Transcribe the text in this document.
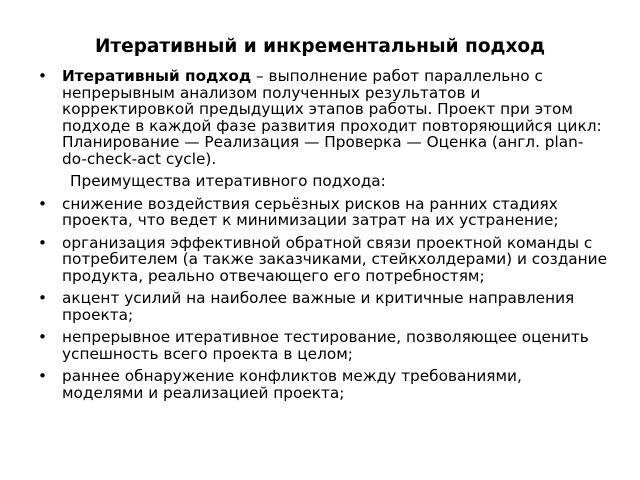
Итеративный и инкрементальный подход
• Итеративный подход – выполнение работ параллельно с непрерывным анализом полученных результатов и корректировкой предыдущих этапов работы. Проект при этом подходе в каждой фазе развития проходит повторяющийся цикл: Планирование — Реализация — Проверка — Оценка (англ. plan-do-check-act cycle).
Преимущества итеративного подхода:
• снижение воздействия серьёзных рисков на ранних стадиях проекта, что ведет к минимизации затрат на их устранение;
• организация эффективной обратной связи проектной команды с потребителем (а также заказчиками, стейкхолдерами) и создание продукта, реально отвечающего его потребностям;
• акцент усилий на наиболее важные и критичные направления проекта;
• непрерывное итеративное тестирование, позволяющее оценить успешность всего проекта в целом;
• раннее обнаружение конфликтов между требованиями, моделями и реализацией проекта;
